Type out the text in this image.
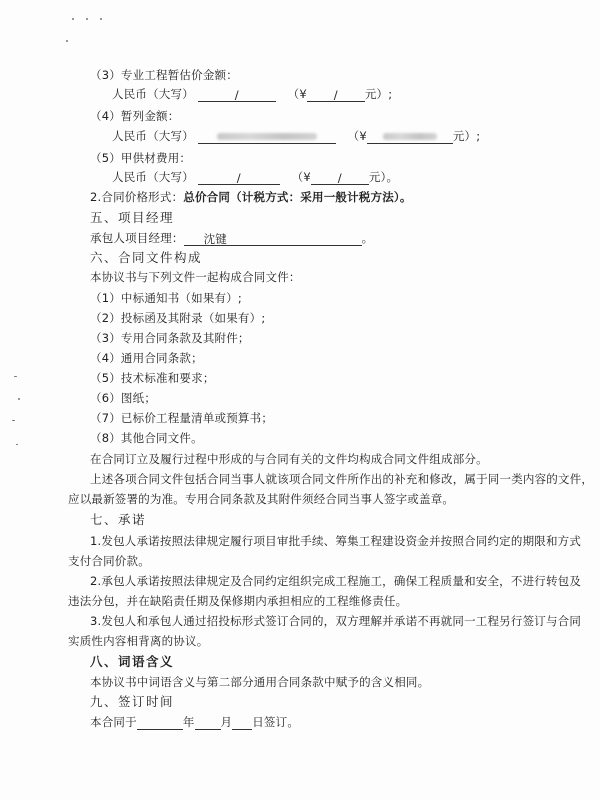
（3）专业工程暂估价金额：
人民币（大写）	/	（¥ / 元）;
（4）暂列金额：
人民币（大写）	（¥	元）;
（5）甲供材费用：
人民币（大写）	/	（¥ / 元）。
2.合同价格形式：总价合同（计税方式：采用一般计税方法）。
五、项目经理
承包人项目经理： 沈键	。
六、合同文件构成
本协议书与下列文件一起构成合同文件：
（1）中标通知书（如果有）;
（2）投标函及其附录（如果有）;
（3）专用合同条款及其附件；
（4）通用合同条款；
（5）技术标准和要求；
（6）图纸；
（7）已标价工程量清单或预算书；
（8）其他合同文件。
在合同订立及履行过程中形成的与合同有关的文件均构成合同文件组成部分。
上述各项合同文件包括合同当事人就该项合同文件所作出的补充和修改，属于同一类内容的文件，
应以最新签署的为准。专用合同条款及其附件须经合同当事人签字或盖章。
七、承诺
1.发包人承诺按照法律规定履行项目审批手续、筹集工程建设资金并按照合同约定的期限和方式
支付合同价款。
2.承包人承诺按照法律规定及合同约定组织完成工程施工，确保工程质量和安全，不进行转包及
违法分包，并在缺陷责任期及保修期内承担相应的工程维修责任。
3.发包人和承包人通过招投标形式签订合同的，双方理解并承诺不再就同一工程另行签订与合同
实质性内容相背离的协议。
八、词语含义
本协议书中词语含义与第二部分通用合同条款中赋予的含义相同。
九、签订时间
本合同于	年 月 日签订。
